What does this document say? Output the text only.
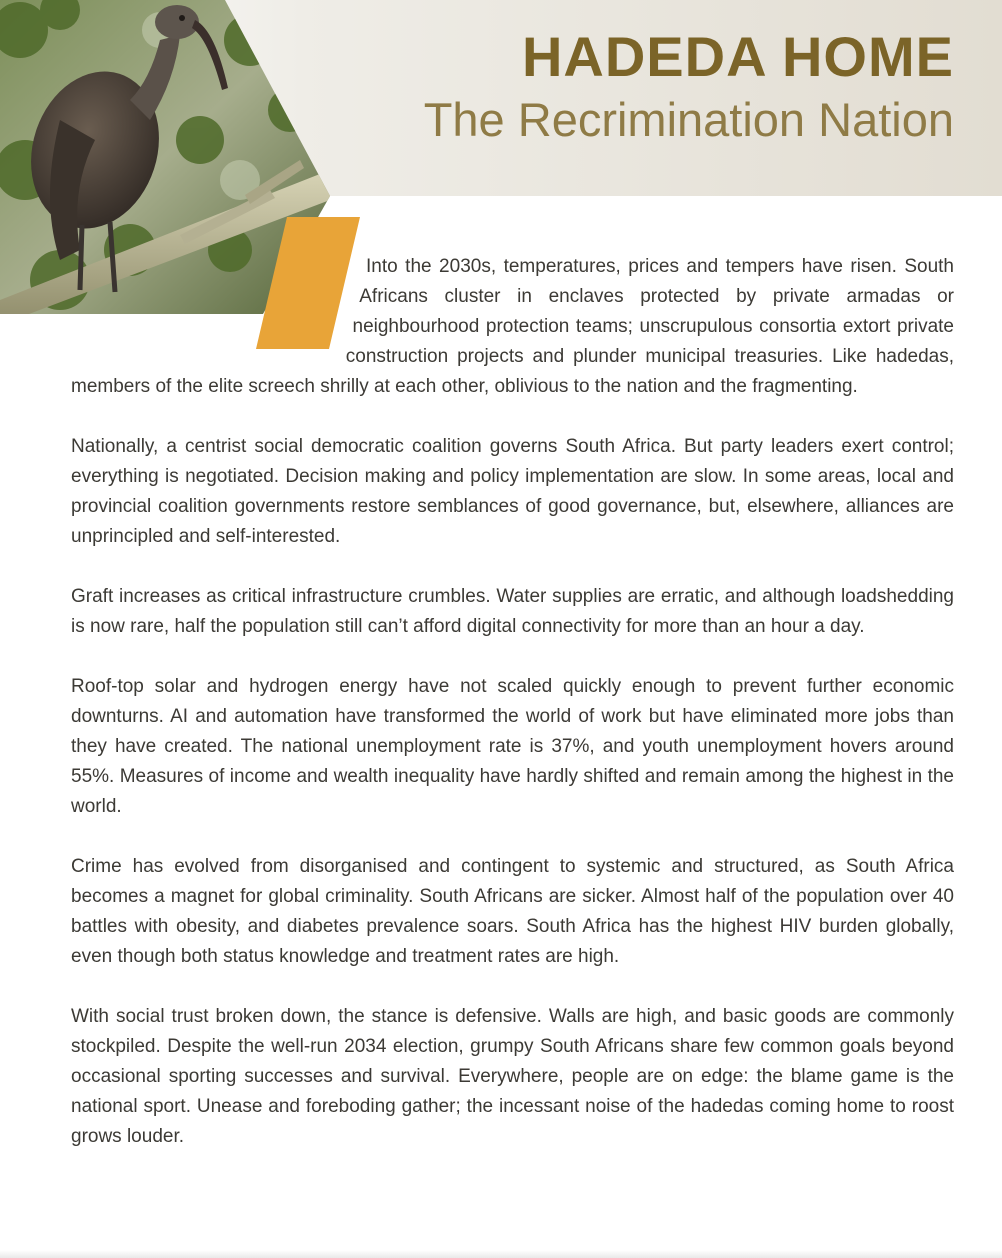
HADEDA HOME
The Recrimination Nation

Into the 2030s, temperatures, prices and tempers have risen. South Africans cluster in enclaves protected by private armadas or neighbourhood protection teams; unscrupulous consortia extort private construction projects and plunder municipal treasuries. Like hadedas, members of the elite screech shrilly at each other, oblivious to the nation and the fragmenting.

Nationally, a centrist social democratic coalition governs South Africa. But party leaders exert control; everything is negotiated. Decision making and policy implementation are slow. In some areas, local and provincial coalition governments restore semblances of good governance, but, elsewhere, alliances are unprincipled and self-interested.

Graft increases as critical infrastructure crumbles. Water supplies are erratic, and although loadshedding is now rare, half the population still can’t afford digital connectivity for more than an hour a day.

Roof-top solar and hydrogen energy have not scaled quickly enough to prevent further economic downturns. AI and automation have transformed the world of work but have eliminated more jobs than they have created. The national unemployment rate is 37%, and youth unemployment hovers around 55%. Measures of income and wealth inequality have hardly shifted and remain among the highest in the world.

Crime has evolved from disorganised and contingent to systemic and structured, as South Africa becomes a magnet for global criminality. South Africans are sicker. Almost half of the population over 40 battles with obesity, and diabetes prevalence soars. South Africa has the highest HIV burden globally, even though both status knowledge and treatment rates are high.

With social trust broken down, the stance is defensive. Walls are high, and basic goods are commonly stockpiled. Despite the well-run 2034 election, grumpy South Africans share few common goals beyond occasional sporting successes and survival. Everywhere, people are on edge: the blame game is the national sport. Unease and foreboding gather; the incessant noise of the hadedas coming home to roost grows louder.
